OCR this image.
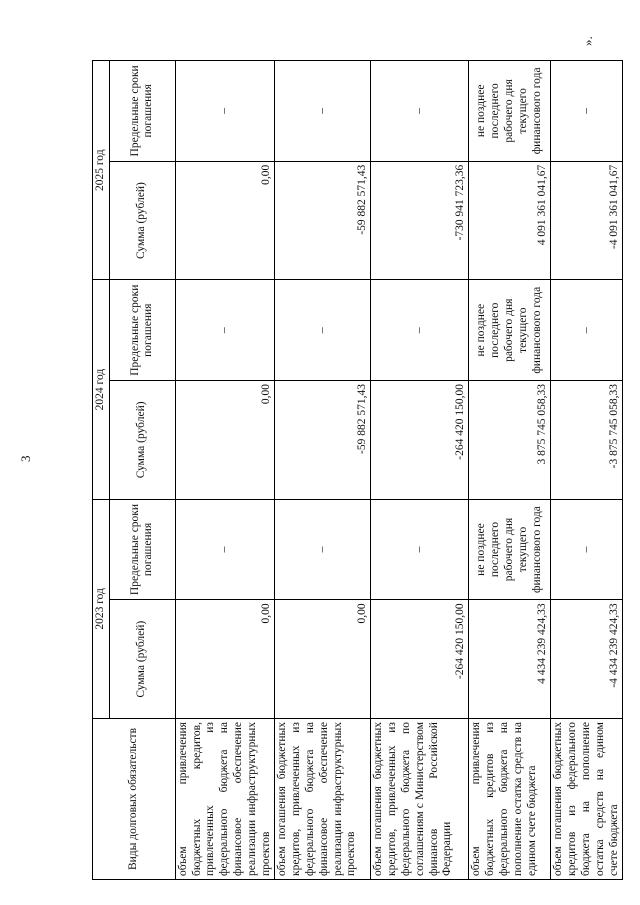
3
».
Виды долговых обязательств	2023 год		2024 год		2025 год	
	Сумма (рублей)	Предельные сроки погашения	Сумма (рублей)	Предельные сроки погашения	Сумма (рублей)	Предельные сроки погашения
объем привлечения бюджетных кредитов, привлеченных из федерального бюджета на финансовое обеспечение реализации инфраструктурных проектов	0,00	–	0,00	–	0,00	–
объем погашения бюджетных кредитов, привлеченных из федерального бюджета на финансовое обеспечение реализации инфраструктурных проектов	0,00	–	-59 882 571,43	–	-59 882 571,43	–
объем погашения бюджетных кредитов, привлеченных из федерального бюджета по соглашениям с Министерством финансов Российской Федерации	-264 420 150,00	–	-264 420 150,00	–	-730 941 723,36	–
объем привлечения бюджетных кредитов из федерального бюджета на пополнение остатка средств на едином счете бюджета	4 434 239 424,33	не позднее последнего рабочего дня текущего финансового года	3 875 745 058,33	не позднее последнего рабочего дня текущего финансового года	4 091 361 041,67	не позднее последнего рабочего дня текущего финансового года
объем погашения бюджетных кредитов из федерального бюджета на пополнение остатка средств на едином счете бюджета	-4 434 239 424,33	–	-3 875 745 058,33	–	-4 091 361 041,67	–
